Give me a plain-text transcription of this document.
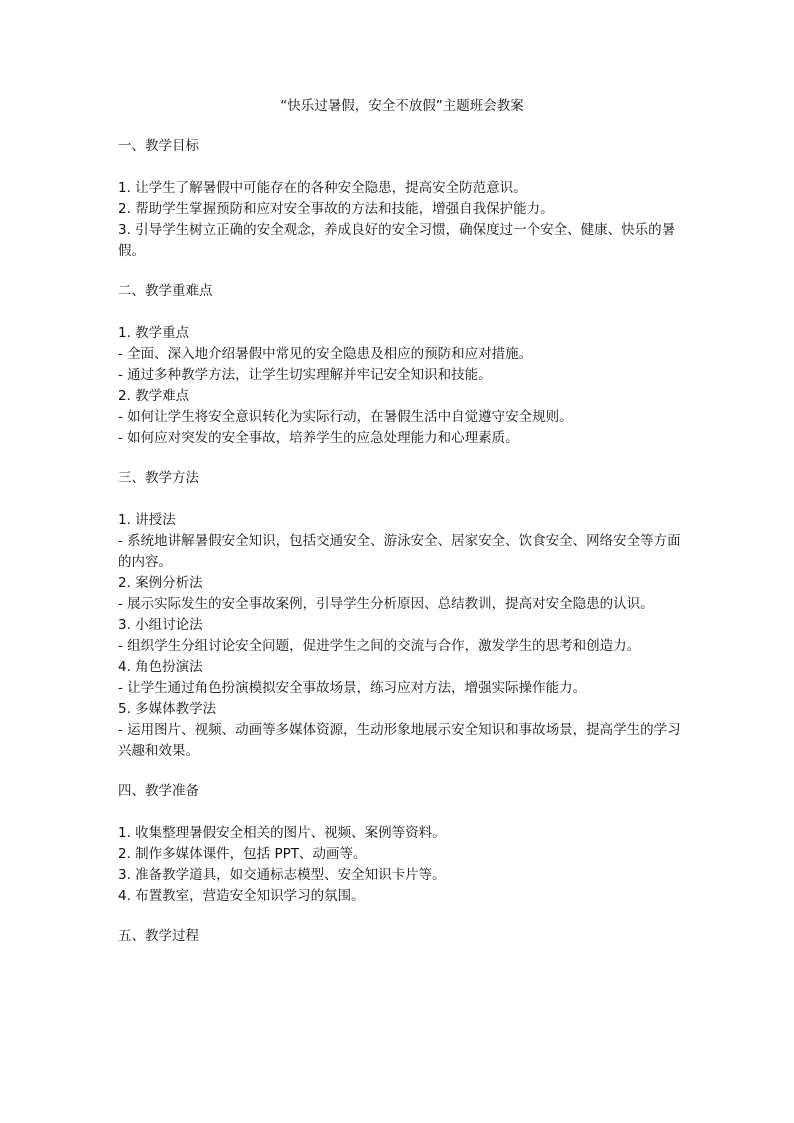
“快乐过暑假，安全不放假”主题班会教案
一、教学目标

1. 让学生了解暑假中可能存在的各种安全隐患，提高安全防范意识。

2. 帮助学生掌握预防和应对安全事故的方法和技能，增强自我保护能力。

3. 引导学生树立正确的安全观念，养成良好的安全习惯，确保度过一个安全、健康、快乐的暑假。

二、教学重难点

1. 教学重点

- 全面、深入地介绍暑假中常见的安全隐患及相应的预防和应对措施。

- 通过多种教学方法，让学生切实理解并牢记安全知识和技能。

2. 教学难点

- 如何让学生将安全意识转化为实际行动，在暑假生活中自觉遵守安全规则。

- 如何应对突发的安全事故，培养学生的应急处理能力和心理素质。

三、教学方法

1. 讲授法

- 系统地讲解暑假安全知识，包括交通安全、游泳安全、居家安全、饮食安全、网络安全等方面的内容。

2. 案例分析法

- 展示实际发生的安全事故案例，引导学生分析原因、总结教训，提高对安全隐患的认识。

3. 小组讨论法

- 组织学生分组讨论安全问题，促进学生之间的交流与合作，激发学生的思考和创造力。

4. 角色扮演法

- 让学生通过角色扮演模拟安全事故场景，练习应对方法，增强实际操作能力。

5. 多媒体教学法

- 运用图片、视频、动画等多媒体资源，生动形象地展示安全知识和事故场景，提高学生的学习兴趣和效果。

四、教学准备

1. 收集整理暑假安全相关的图片、视频、案例等资料。

2. 制作多媒体课件，包括 PPT、动画等。

3. 准备教学道具，如交通标志模型、安全知识卡片等。

4. 布置教室，营造安全知识学习的氛围。

五、教学过程
